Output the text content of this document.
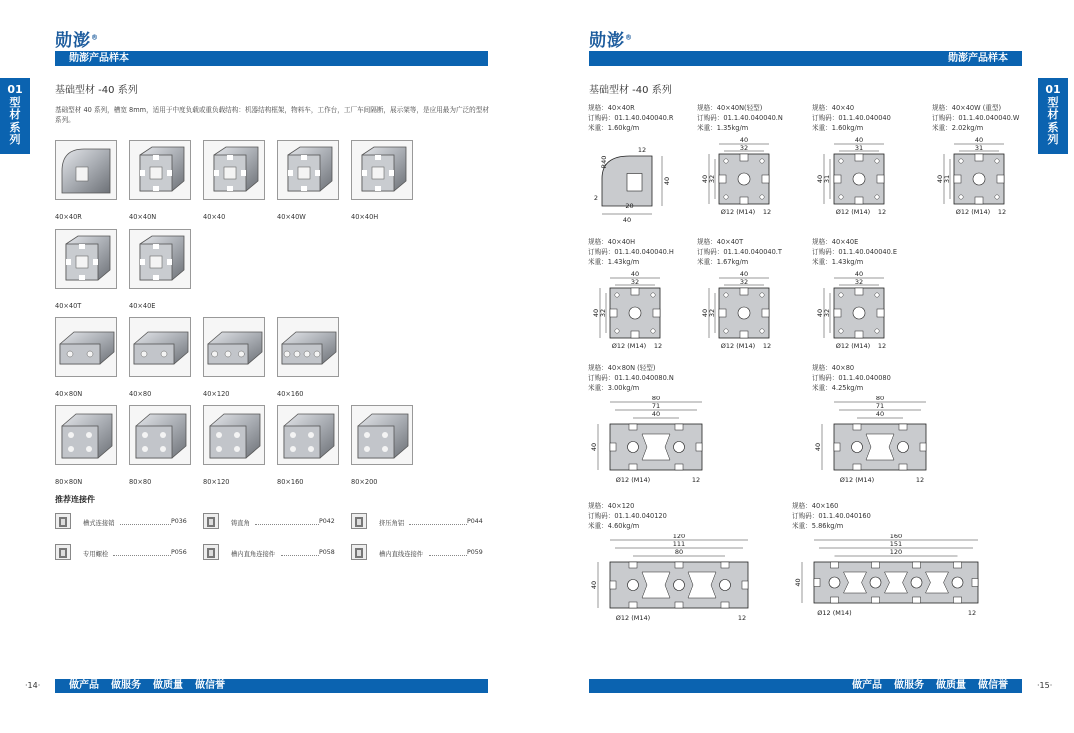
勋澎®
勋澎产品样本
01
型
材
系
列
基础型材 -40 系列
基础型材 40 系列，槽宽 8mm，适用于中度负载或重负载结构：机器结构框架，物料车，工作台，工厂车间隔断，展示架等，是应用最为广泛的型材系列。
40×40R	40×40N	40×40	40×40W	40×40H
40×40T	40×40E
40×80N	40×80	40×120	40×160
80×80N	80×80	80×120	80×160	80×200
推荐连接件
槽式连接销	P036	铸直角	P042	挤压角铝	P044
专用螺栓	P056	槽内直角连接件	P058	槽内直线连接件	P059
·14·	做产品 做服务 做质量 做信誉
勋澎®
勋澎产品样本
01
型
材
系
列
基础型材 -40 系列
规格：40×40R
订购码：01.1.40.040040.R
米重：1.60kg/m
40
40
12
R40
20
2
规格：40×40N(轻型)
订购码：01.1.40.040040.N
米重：1.35kg/m
40
32
40 32
Ø12 (M14) 12
规格：40×40
订购码：01.1.40.040040
米重：1.60kg/m
40
31
40 31
Ø12 (M14) 12
规格：40×40W (重型)
订购码：01.1.40.040040.W
米重：2.02kg/m
40
31
40 31
Ø12 (M14) 12
规格：40×40H
订购码：01.1.40.040040.H
米重：1.43kg/m
40
32
40 32
Ø12 (M14) 12
规格：40×40T
订购码：01.1.40.040040.T
米重：1.67kg/m
40
32
40 32
Ø12 (M14) 12
规格：40×40E
订购码：01.1.40.040040.E
米重：1.43kg/m
40
32
40 32
Ø12 (M14) 12
规格：40×80N (轻型)
订购码：01.1.40.040080.N
米重：3.00kg/m
80
71
40
40
Ø12 (M14)	12
规格：40×80
订购码：01.1.40.040080
米重：4.25kg/m
80
71
40
40
Ø12 (M14)	12
规格：40×120
订购码：01.1.40.040120
米重：4.60kg/m
120
111
80
40
Ø12 (M14)	12
规格：40×160
订购码：01.1.40.040160
米重：5.86kg/m
160
151
120
40
Ø12 (M14)	12
·15·
做产品 做服务 做质量 做信誉
